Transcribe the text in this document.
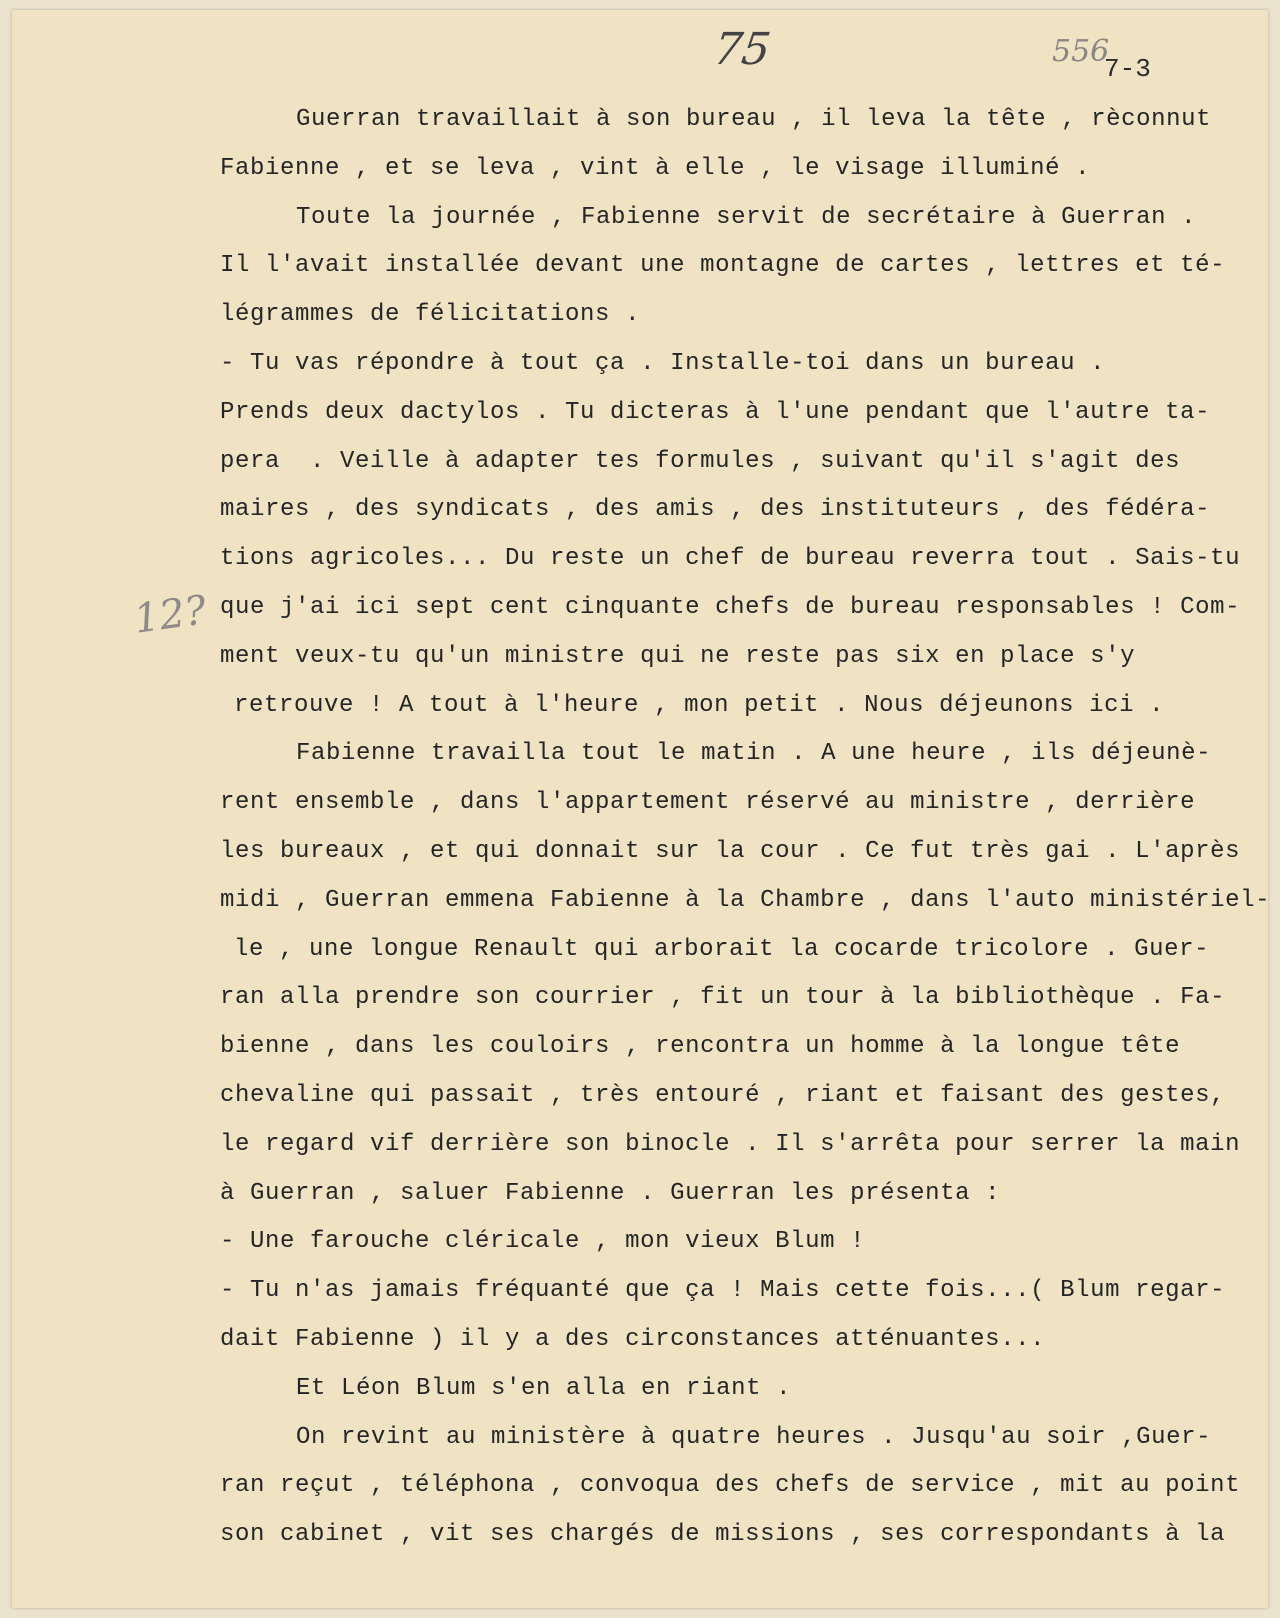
75	556
7-3
12?
Guerran travaillait à son bureau , il leva la tête , rèconnut
Fabienne , et se leva , vint à elle , le visage illuminé .
Toute la journée , Fabienne servit de secrétaire à Guerran .
Il l'avait installée devant une montagne de cartes , lettres et té-
légrammes de félicitations .
- Tu vas répondre à tout ça . Installe-toi dans un bureau .
Prends deux dactylos . Tu dicteras à l'une pendant que l'autre ta-
pera  . Veille à adapter tes formules , suivant qu'il s'agit des
maires , des syndicats , des amis , des instituteurs , des fédéra-
tions agricoles... Du reste un chef de bureau reverra tout . Sais-tu
que j'ai ici sept cent cinquante chefs de bureau responsables ! Com-
ment veux-tu qu'un ministre qui ne reste pas six en place s'y
retrouve ! A tout à l'heure , mon petit . Nous déjeunons ici .
Fabienne travailla tout le matin . A une heure , ils déjeunè-
rent ensemble , dans l'appartement réservé au ministre , derrière
les bureaux , et qui donnait sur la cour . Ce fut très gai . L'après
midi , Guerran emmena Fabienne à la Chambre , dans l'auto ministériel-
le , une longue Renault qui arborait la cocarde tricolore . Guer-
ran alla prendre son courrier , fit un tour à la bibliothèque . Fa-
bienne , dans les couloirs , rencontra un homme à la longue tête
chevaline qui passait , très entouré , riant et faisant des gestes,
le regard vif derrière son binocle . Il s'arrêta pour serrer la main
à Guerran , saluer Fabienne . Guerran les présenta :
- Une farouche cléricale , mon vieux Blum !
- Tu n'as jamais fréquanté que ça ! Mais cette fois...( Blum regar-
dait Fabienne ) il y a des circonstances atténuantes...
Et Léon Blum s'en alla en riant .
On revint au ministère à quatre heures . Jusqu'au soir ,Guer-
ran reçut , téléphona , convoqua des chefs de service , mit au point
son cabinet , vit ses chargés de missions , ses correspondants à la
